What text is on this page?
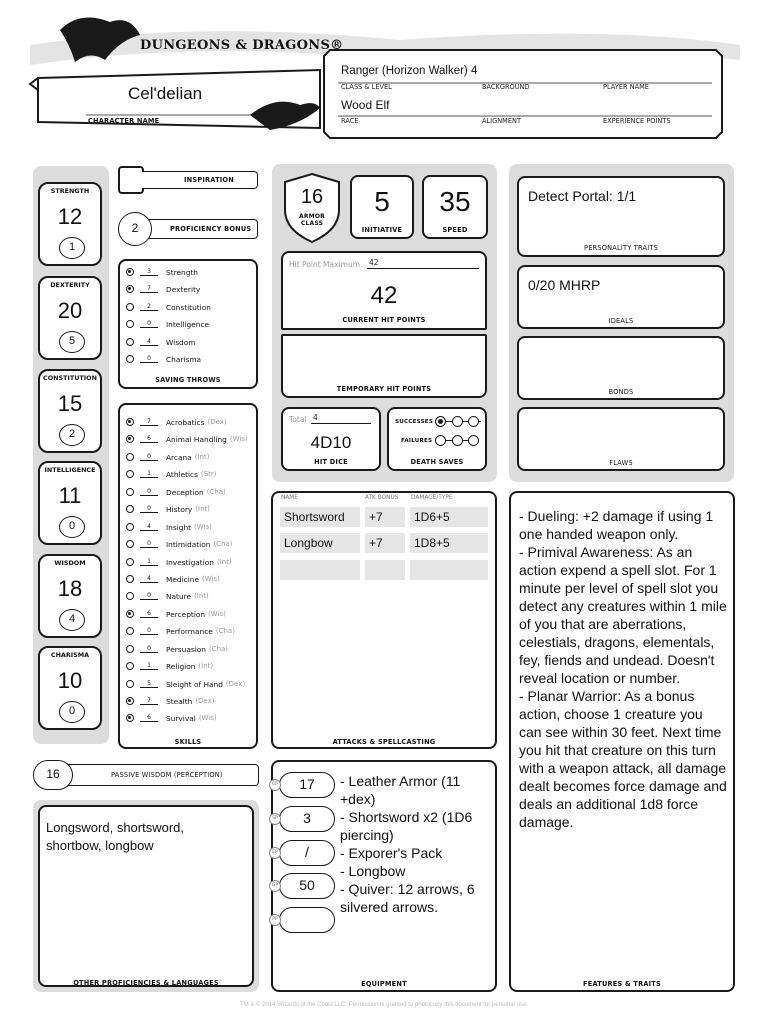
DUNGEONS & DRAGONS®
Cel'delian
CHARACTER NAME
Ranger (Horizon Walker) 4
CLASS & LEVEL	BACKGROUND	PLAYER NAME
Wood Elf
RACE	ALIGNMENT	EXPERIENCE POINTS
STRENGTH
12
1
DEXTERITY
20
5
CONSTITUTION
15
2
INTELLIGENCE
11
0
WISDOM
18
4
CHARISMA
10
0
INSPIRATION
2	PROFICIENCY BONUS
3	Strength
7	Dexterity
2	Constitution
0	Intelligence
4	Wisdom
0	Charisma
SAVING THROWS
7	Acrobatics (Dex)
6	Animal Handling (Wis)
0	Arcana (Int)
1	Athletics (Str)
0	Deception (Cha)
0	History (Int)
4	Insight (Wis)
0	Intimidation (Cha)
1	Investigation (Int)
4	Medicine (Wis)
0	Nature (Int)
6	Perception (Wis)
0	Performance (Cha)
0	Persuasion (Cha)
1	Religion (Int)
5	Sleight of Hand (Dex)
7	Stealth (Dex)
6	Survival (Wis)
SKILLS
16	PASSIVE WISDOM (PERCEPTION)
Longsword, shortsword, shortbow, longbow
OTHER PROFICIENCIES & LANGUAGES
16
ARMOR CLASS
5
INITIATIVE
35
SPEED
Hit Point Maximum 42
42
CURRENT HIT POINTS
TEMPORARY HIT POINTS
Total 4
4D10
HIT DICE
SUCCESSES
FAILURES
DEATH SAVES
Detect Portal: 1/1
PERSONALITY TRAITS
0/20 MHRP
IDEALS
BONDS
FLAWS
NAME	ATK BONUS DAMAGE/TYPE
Shortsword	+7	1D6+5
Longbow	+7	1D8+5
ATTACKS & SPELLCASTING
17
CP
3
SP
/
EP
50
GP
PP
- Leather Armor (11 +dex)
- Shortsword x2 (1D6 piercing)
- Exporer's Pack
- Longbow
- Quiver: 12 arrows, 6 silvered arrows.
EQUIPMENT
- Dueling: +2 damage if using 1 one handed weapon only.
- Primival Awareness: As an action expend a spell slot. For 1 minute per level of spell slot you detect any creatures within 1 mile of you that are aberrations, celestials, dragons, elementals, fey, fiends and undead. Doesn't reveal location or number.
- Planar Warrior: As a bonus action, choose 1 creature you can see within 30 feet. Next time you hit that creature on this turn with a weapon attack, all damage dealt becomes force damage and deals an additional 1d8 force damage.
FEATURES & TRAITS
TM & © 2014 Wizards of the Coast LLC. Permission is granted to photocopy this document for personal use.
